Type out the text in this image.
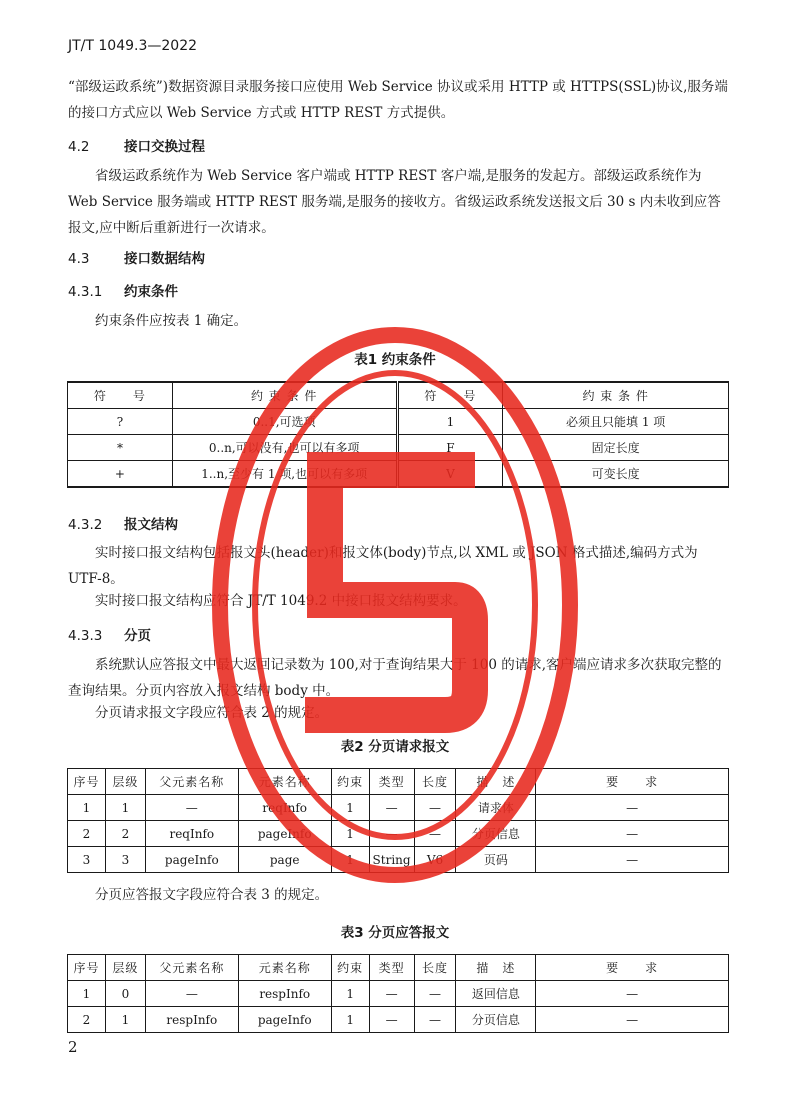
JT/T 1049.3—2022

“部级运政系统”)数据资源目录服务接口应使用 Web Service 协议或采用 HTTP 或 HTTPS(SSL)协议,服务端的接口方式应以 Web Service 方式或 HTTP REST 方式提供。

4.2	接口交换过程

省级运政系统作为 Web Service 客户端或 HTTP REST 客户端,是服务的发起方。部级运政系统作为 Web Service 服务端或 HTTP REST 服务端,是服务的接收方。省级运政系统发送报文后 30 s 内未收到应答报文,应中断后重新进行一次请求。

4.3	接口数据结构
4.3.1 约束条件

约束条件应按表 1 确定。

表1 约束条件
符　　号	约 束 条 件	符　　号	约 束 条 件
?	0..1,可选项	1	必须且只能填 1 项
*	0..n,可以没有,也可以有多项	F	固定长度
+	1..n,至少有 1 项,也可以有多项	V	可变长度
4.3.2 报文结构

实时接口报文结构包括报文头(header)和报文体(body)节点,以 XML 或 JSON 格式描述,编码方式为 UTF-8。

实时接口报文结构应符合 JT/T 1049.2 中接口报文结构要求。

4.3.3 分页

系统默认应答报文中最大返回记录数为 100,对于查询结果大于 100 的请求,客户端应请求多次获取完整的查询结果。分页内容放入报文结构 body 中。

分页请求报文字段应符合表 2 的规定。

表2 分页请求报文
序号	层级	父元素名称	元素名称	约束	类型	长度	描　述	要　　求
1	1	—	reqInfo	1	—	—	请求体	—
2	2	reqInfo	pageInfo	1	—	—	分页信息	—
3	3	pageInfo	page	1	String	V6	页码	—

分页应答报文字段应符合表 3 的规定。

表3 分页应答报文
序号	层级	父元素名称	元素名称	约束	类型	长度	描　述	要　　求
1	0	—	respInfo	1	—	—	返回信息	—
2	1	respInfo	pageInfo	1	—	—	分页信息	—
2
